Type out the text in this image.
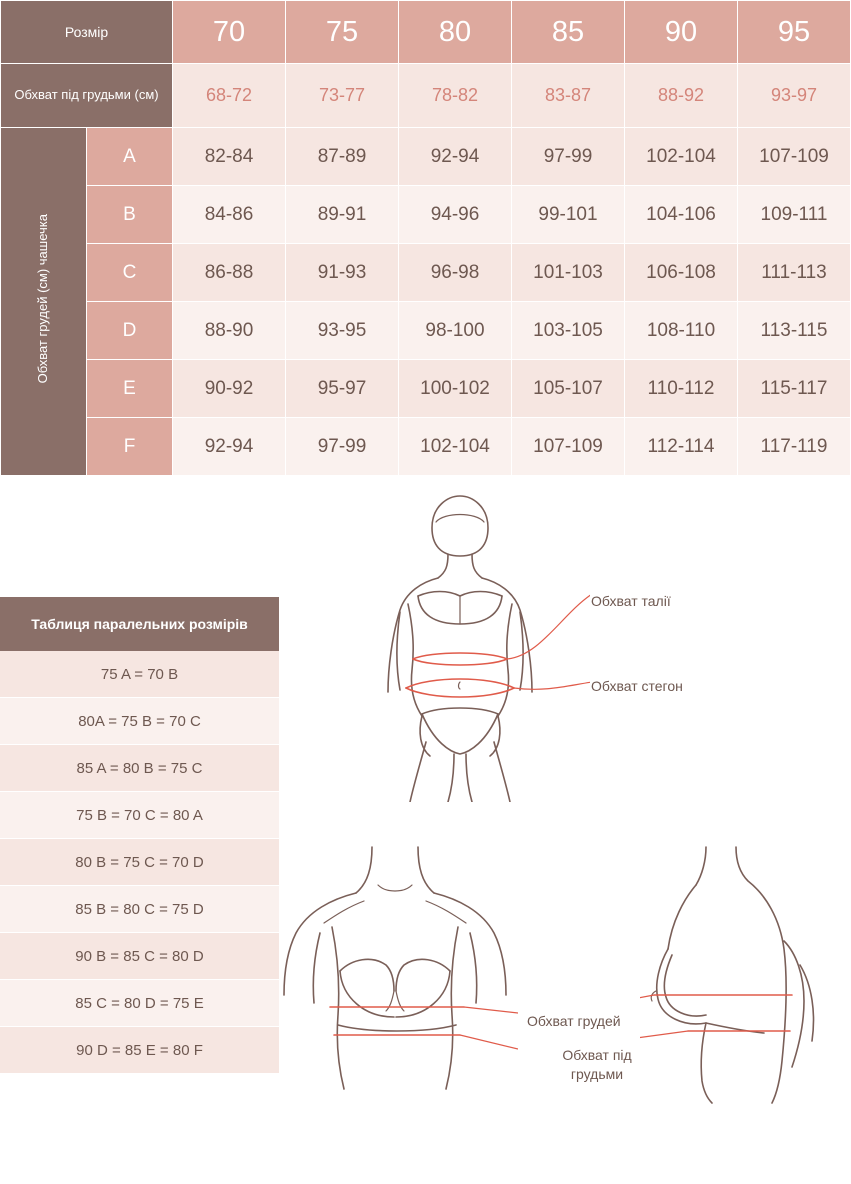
Розмір		70	75	80	85	90	95
Обхват під грудьми (см)		68-72	73-77	78-82	83-87	88-92	93-97
Обхват грудей (см) чашечка	A	82-84	87-89	92-94	97-99	102-104	107-109
	B	84-86	89-91	94-96	99-101	104-106	109-111
	C	86-88	91-93	96-98	101-103	106-108	111-113
	D	88-90	93-95	98-100	103-105	108-110	113-115
	E	90-92	95-97	100-102	105-107	110-112	115-117
	F	92-94	97-99	102-104	107-109	112-114	117-119
Таблиця паралельних розмірів
75 A = 70 B
80A = 75 B = 70 C
85 A = 80 B = 75 C
75 B = 70 C = 80 A
80 B = 75 C = 70 D
85 B = 80 C = 75 D
90 B = 85 C = 80 D
85 C = 80 D = 75 E
90 D = 85 E = 80 F
Обхват талії
Обхват стегон
Обхват грудей
Обхват під
грудьми
